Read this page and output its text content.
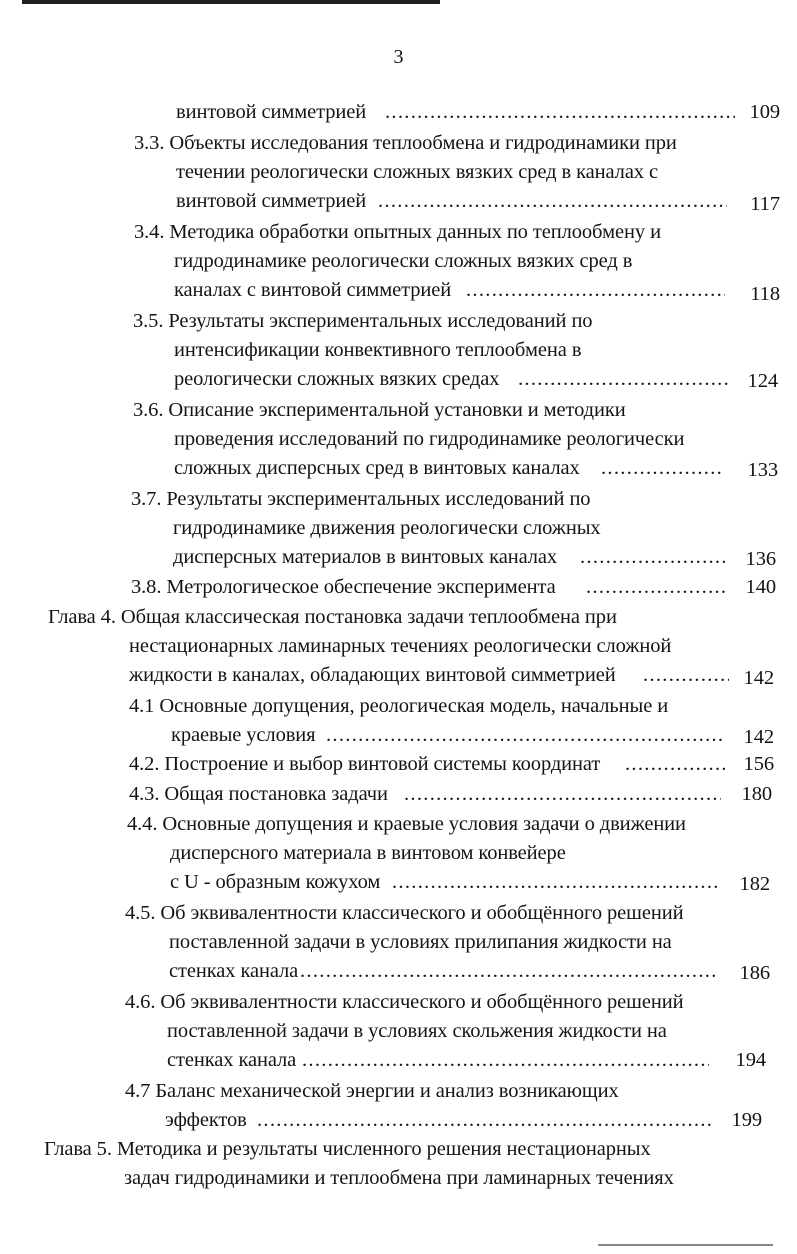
3
винтовой симметрией .....	109
3.3. Объекты исследования теплообмена и гидродинамики при
течении реологически сложных вязких сред в каналах с
винтовой симметрией .....	117
3.4. Методика обработки опытных данных по теплообмену и
гидродинамике реологически сложных вязких сред в
каналах с винтовой симметрией .....	118
3.5. Результаты экспериментальных исследований по
интенсификации конвективного теплообмена в
реологически сложных вязких средах .....	124
3.6. Описание экспериментальной установки и методики
проведения исследований по гидродинамике реологически
сложных дисперсных сред в винтовых каналах .....	133
3.7. Результаты экспериментальных исследований по
гидродинамике движения реологически сложных
дисперсных материалов в винтовых каналах .....	136
3.8. Метрологическое обеспечение эксперимента .....	140
Глава 4. Общая классическая постановка задачи теплообмена при
нестационарных ламинарных течениях реологически сложной
жидкости в каналах, обладающих винтовой симметрией .....	142
4.1 Основные допущения, реологическая модель, начальные и
краевые условия .....	142
4.2. Построение и выбор винтовой системы координат .....	156
4.3. Общая постановка задачи .....	180
4.4. Основные допущения и краевые условия задачи о движении
дисперсного материала в винтовом конвейере
с U - образным кожухом .....	182
4.5. Об эквивалентности классического и обобщённого решений
поставленной задачи в условиях прилипания жидкости на
стенках канала .....	186
4.6. Об эквивалентности классического и обобщённого решений
поставленной задачи в условиях скольжения жидкости на
стенках канала .....	194
4.7 Баланс механической энергии и анализ возникающих
эффектов .....	199
Глава 5. Методика и результаты численного решения нестационарных
задач гидродинамики и теплообмена при ламинарных течениях
